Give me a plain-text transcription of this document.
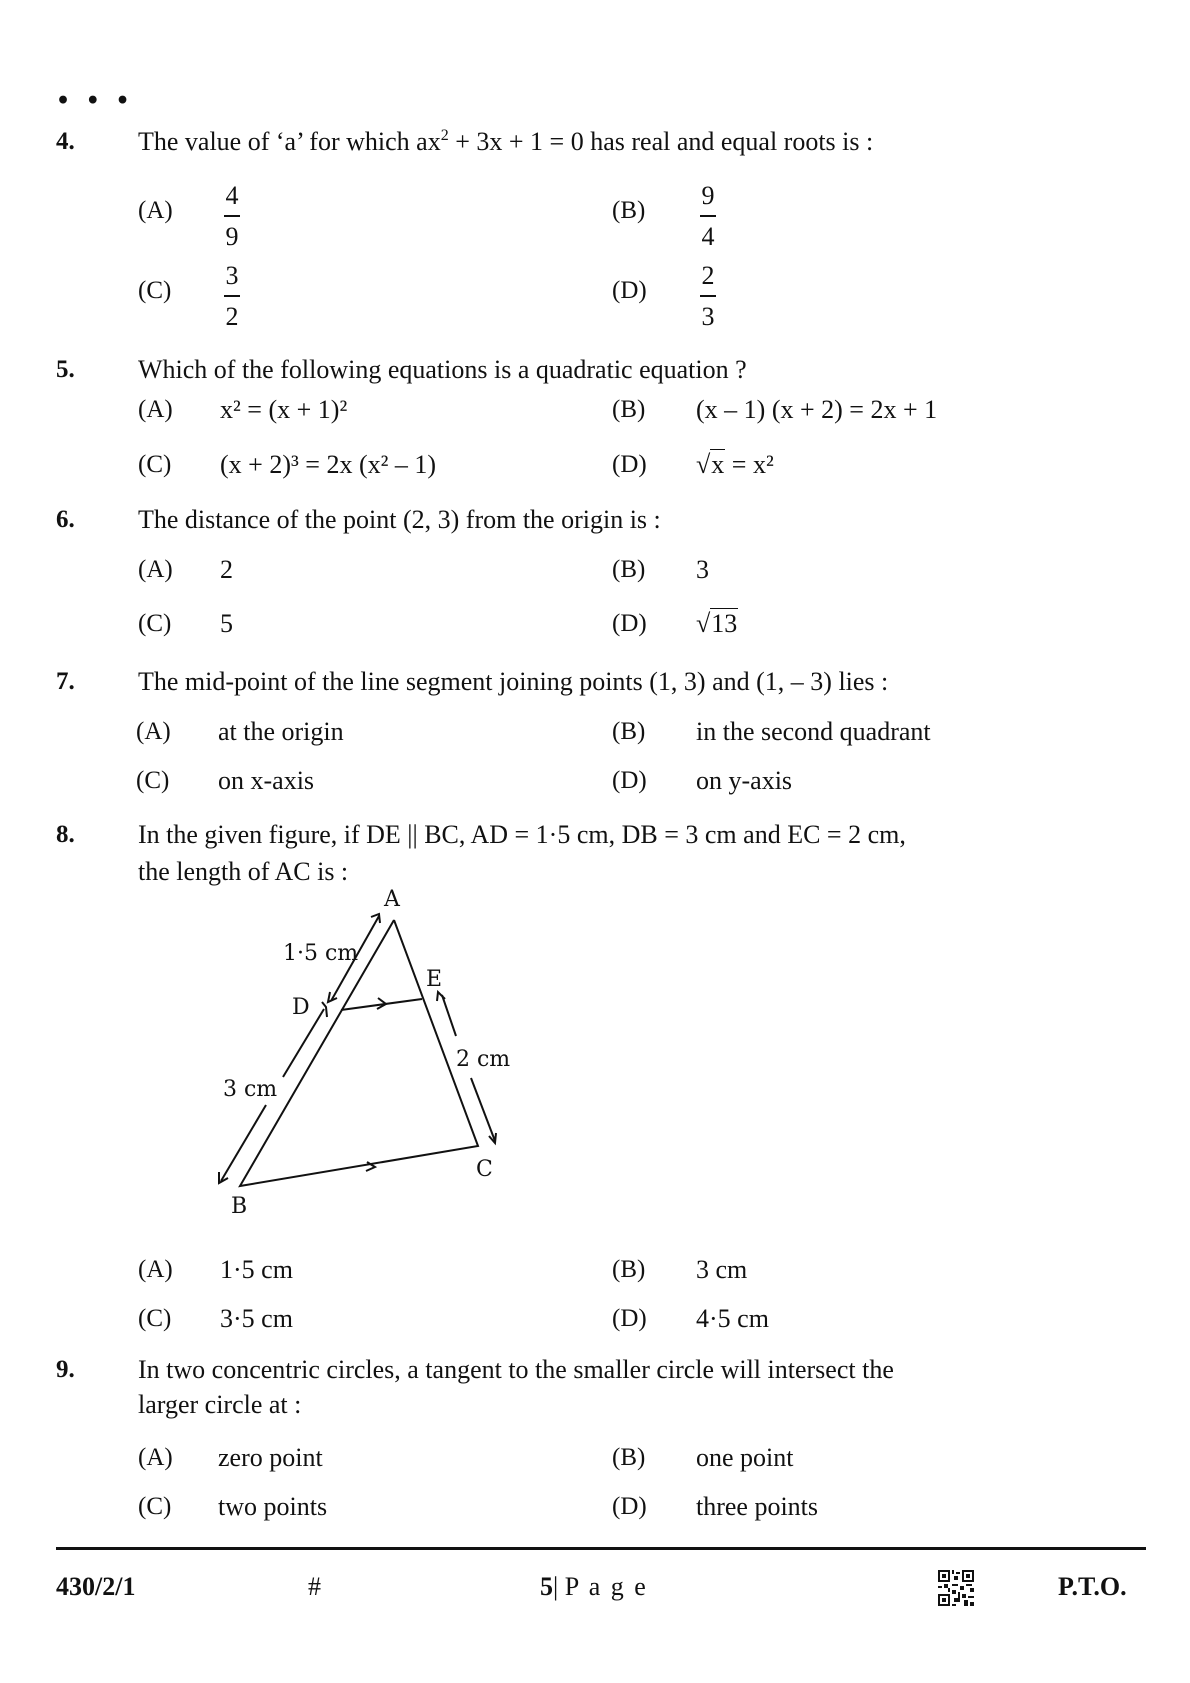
• • •
4. The value of ‘a’ for which $ax^2 + 3x + 1 = 0$ has real and equal roots is :
(A)
4
9
(B)
9
4
(C)
3
2
(D)
2
3
5. Which of the following equations is a quadratic equation ?
(A) x² = (x + 1)²	(B) (x – 1) (x + 2) = 2x + 1
(C) (x + 2)³ = 2x (x² – 1)	(D) √x = x²
6. The distance of the point (2, 3) from the origin is :
(A) 2	(B) 3
(C) 5	(D) √13
7. The mid-point of the line segment joining points (1, 3) and (1, – 3) lies :
(A) at the origin	(B) in the second quadrant
(C) on x-axis	(D) on y-axis
8. In the given figure, if DE || BC, AD = 1·5 cm, DB = 3 cm and EC = 2 cm,
the length of AC is :
A
B
C
D
E
1·5 cm
3 cm
2 cm
(A) 1·5 cm	(B) 3 cm
(C) 3·5 cm	(D) 4·5 cm
9. In two concentric circles, a tangent to the smaller circle will intersect the
larger circle at :
(A) zero point	(B) one point
(C) two points	(D) three points
430/2/1	#	5| P a g e	P.T.O.
